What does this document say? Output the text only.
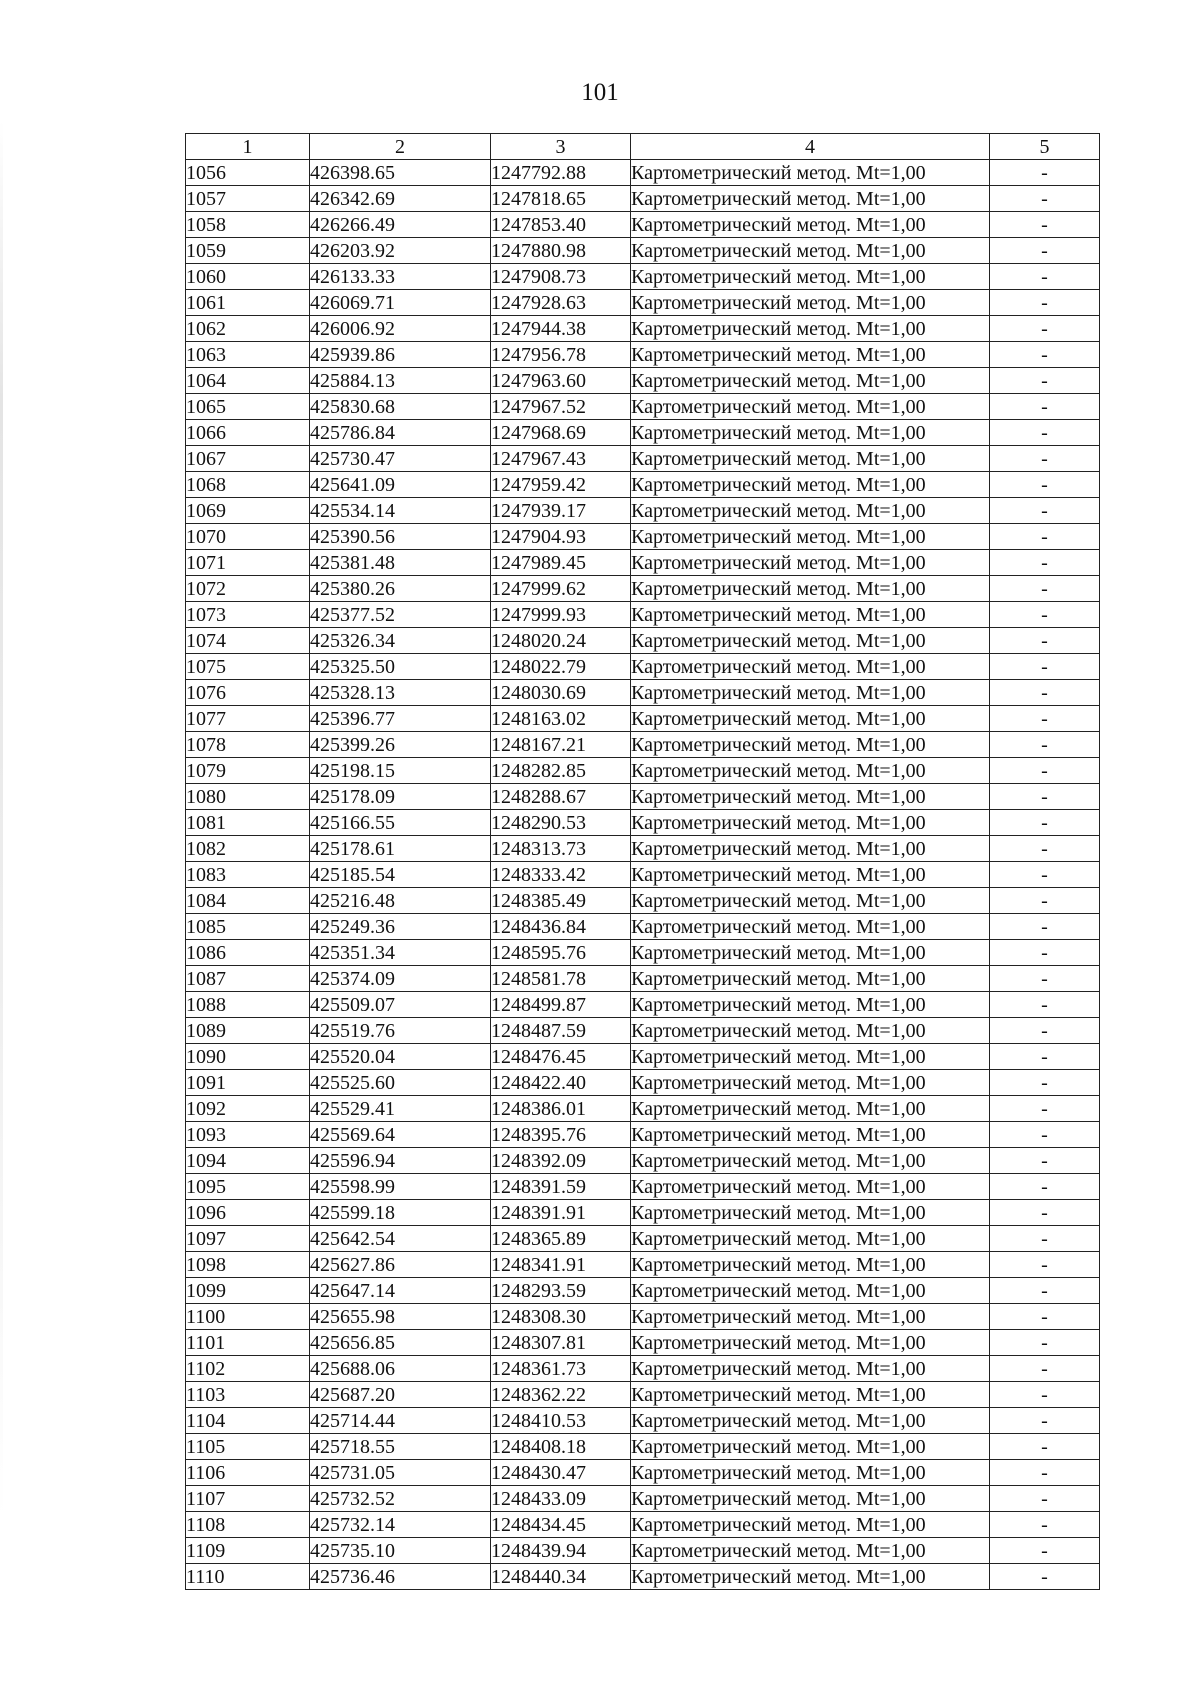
101
1	2	3	4	5
1056	426398.65	1247792.88	Картометрический метод. Mt=1,00	-
1057	426342.69	1247818.65	Картометрический метод. Mt=1,00	-
1058	426266.49	1247853.40	Картометрический метод. Mt=1,00	-
1059	426203.92	1247880.98	Картометрический метод. Mt=1,00	-
1060	426133.33	1247908.73	Картометрический метод. Mt=1,00	-
1061	426069.71	1247928.63	Картометрический метод. Mt=1,00	-
1062	426006.92	1247944.38	Картометрический метод. Mt=1,00	-
1063	425939.86	1247956.78	Картометрический метод. Mt=1,00	-
1064	425884.13	1247963.60	Картометрический метод. Mt=1,00	-
1065	425830.68	1247967.52	Картометрический метод. Mt=1,00	-
1066	425786.84	1247968.69	Картометрический метод. Mt=1,00	-
1067	425730.47	1247967.43	Картометрический метод. Mt=1,00	-
1068	425641.09	1247959.42	Картометрический метод. Mt=1,00	-
1069	425534.14	1247939.17	Картометрический метод. Mt=1,00	-
1070	425390.56	1247904.93	Картометрический метод. Mt=1,00	-
1071	425381.48	1247989.45	Картометрический метод. Mt=1,00	-
1072	425380.26	1247999.62	Картометрический метод. Mt=1,00	-
1073	425377.52	1247999.93	Картометрический метод. Mt=1,00	-
1074	425326.34	1248020.24	Картометрический метод. Mt=1,00	-
1075	425325.50	1248022.79	Картометрический метод. Mt=1,00	-
1076	425328.13	1248030.69	Картометрический метод. Mt=1,00	-
1077	425396.77	1248163.02	Картометрический метод. Mt=1,00	-
1078	425399.26	1248167.21	Картометрический метод. Mt=1,00	-
1079	425198.15	1248282.85	Картометрический метод. Mt=1,00	-
1080	425178.09	1248288.67	Картометрический метод. Mt=1,00	-
1081	425166.55	1248290.53	Картометрический метод. Mt=1,00	-
1082	425178.61	1248313.73	Картометрический метод. Mt=1,00	-
1083	425185.54	1248333.42	Картометрический метод. Mt=1,00	-
1084	425216.48	1248385.49	Картометрический метод. Mt=1,00	-
1085	425249.36	1248436.84	Картометрический метод. Mt=1,00	-
1086	425351.34	1248595.76	Картометрический метод. Mt=1,00	-
1087	425374.09	1248581.78	Картометрический метод. Mt=1,00	-
1088	425509.07	1248499.87	Картометрический метод. Mt=1,00	-
1089	425519.76	1248487.59	Картометрический метод. Mt=1,00	-
1090	425520.04	1248476.45	Картометрический метод. Mt=1,00	-
1091	425525.60	1248422.40	Картометрический метод. Mt=1,00	-
1092	425529.41	1248386.01	Картометрический метод. Mt=1,00	-
1093	425569.64	1248395.76	Картометрический метод. Mt=1,00	-
1094	425596.94	1248392.09	Картометрический метод. Mt=1,00	-
1095	425598.99	1248391.59	Картометрический метод. Mt=1,00	-
1096	425599.18	1248391.91	Картометрический метод. Mt=1,00	-
1097	425642.54	1248365.89	Картометрический метод. Mt=1,00	-
1098	425627.86	1248341.91	Картометрический метод. Mt=1,00	-
1099	425647.14	1248293.59	Картометрический метод. Mt=1,00	-
1100	425655.98	1248308.30	Картометрический метод. Mt=1,00	-
1101	425656.85	1248307.81	Картометрический метод. Mt=1,00	-
1102	425688.06	1248361.73	Картометрический метод. Mt=1,00	-
1103	425687.20	1248362.22	Картометрический метод. Mt=1,00	-
1104	425714.44	1248410.53	Картометрический метод. Mt=1,00	-
1105	425718.55	1248408.18	Картометрический метод. Mt=1,00	-
1106	425731.05	1248430.47	Картометрический метод. Mt=1,00	-
1107	425732.52	1248433.09	Картометрический метод. Mt=1,00	-
1108	425732.14	1248434.45	Картометрический метод. Mt=1,00	-
1109	425735.10	1248439.94	Картометрический метод. Mt=1,00	-
1110	425736.46	1248440.34	Картометрический метод. Mt=1,00	-
